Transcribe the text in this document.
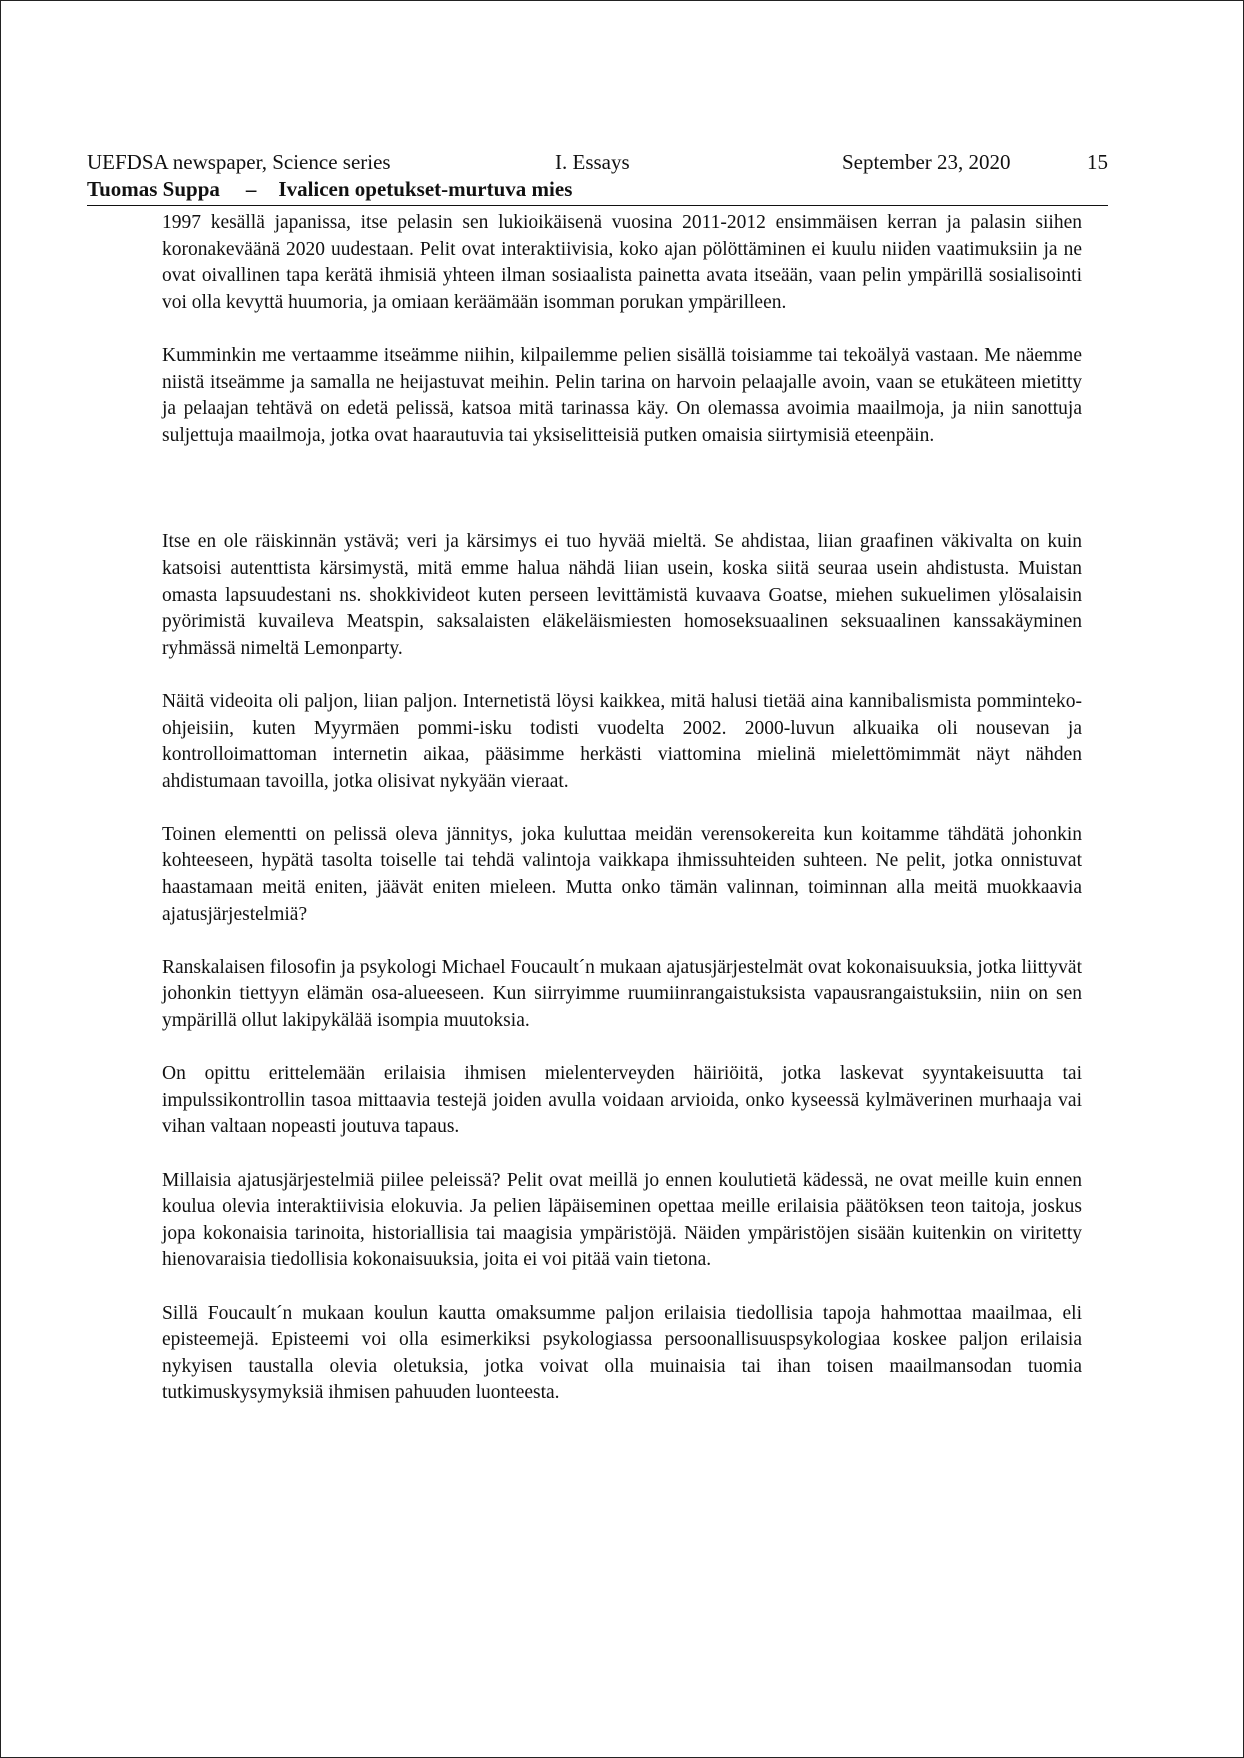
UEFDSA newspaper, Science series	I. Essays	September 23, 2020	15
Tuomas Suppa – Ivalicen opetukset-murtuva mies

1997 kesällä japanissa, itse pelasin sen lukioikäisenä vuosina 2011-2012 ensimmäisen kerran ja palasin siihen koronakeväänä 2020 uudestaan. Pelit ovat interaktiivisia, koko ajan pölöttäminen ei kuulu niiden vaatimuksiin ja ne ovat oivallinen tapa kerätä ihmisiä yhteen ilman sosiaalista painetta avata itseään, vaan pelin ympärillä sosialisointi voi olla kevyttä huumoria, ja omiaan keräämään isomman porukan ympärilleen.

Kumminkin me vertaamme itseämme niihin, kilpailemme pelien sisällä toisiamme tai tekoälyä vastaan. Me näemme niistä itseämme ja samalla ne heijastuvat meihin. Pelin tarina on harvoin pelaajalle avoin, vaan se etukäteen mietitty ja pelaajan tehtävä on edetä pelissä, katsoa mitä tarinassa käy. On olemassa avoimia maailmoja, ja niin sanottuja suljettuja maailmoja, jotka ovat haarautuvia tai yksiselitteisiä putken omaisia siirtymisiä eteenpäin.

Itse en ole räiskinnän ystävä; veri ja kärsimys ei tuo hyvää mieltä. Se ahdistaa, liian graafinen väkivalta on kuin katsoisi autenttista kärsimystä, mitä emme halua nähdä liian usein, koska siitä seuraa usein ahdistusta. Muistan omasta lapsuudestani ns. shokkivideot kuten perseen levittämistä kuvaava Goatse, miehen sukuelimen ylösalaisin pyörimistä kuvaileva Meatspin, saksalaisten eläkeläismiesten homoseksuaalinen seksuaalinen kanssakäyminen ryhmässä nimeltä Lemonparty.

Näitä videoita oli paljon, liian paljon. Internetistä löysi kaikkea, mitä halusi tietää aina kannibalismista pomminteko-ohjeisiin, kuten Myyrmäen pommi-isku todisti vuodelta 2002. 2000-luvun alkuaika oli nousevan ja kontrolloimattoman internetin aikaa, pääsimme herkästi viattomina mielinä mielettömimmät näyt nähden ahdistumaan tavoilla, jotka olisivat nykyään vieraat.

Toinen elementti on pelissä oleva jännitys, joka kuluttaa meidän verensokereita kun koitamme tähdätä johonkin kohteeseen, hypätä tasolta toiselle tai tehdä valintoja vaikkapa ihmissuhteiden suhteen. Ne pelit, jotka onnistuvat haastamaan meitä eniten, jäävät eniten mieleen. Mutta onko tämän valinnan, toiminnan alla meitä muokkaavia ajatusjärjestelmiä?

Ranskalaisen filosofin ja psykologi Michael Foucault´n mukaan ajatusjärjestelmät ovat kokonaisuuksia, jotka liittyvät johonkin tiettyyn elämän osa-alueeseen. Kun siirryimme ruumiinrangaistuksista vapausrangaistuksiin, niin on sen ympärillä ollut lakipykälää isompia muutoksia.

On opittu erittelemään erilaisia ihmisen mielenterveyden häiriöitä, jotka laskevat syyntakeisuutta tai impulssikontrollin tasoa mittaavia testejä joiden avulla voidaan arvioida, onko kyseessä kylmäverinen murhaaja vai vihan valtaan nopeasti joutuva tapaus.

Millaisia ajatusjärjestelmiä piilee peleissä? Pelit ovat meillä jo ennen koulutietä kädessä, ne ovat meille kuin ennen koulua olevia interaktiivisia elokuvia. Ja pelien läpäiseminen opettaa meille erilaisia päätöksen teon taitoja, joskus jopa kokonaisia tarinoita, historiallisia tai maagisia ympäristöjä. Näiden ympäristöjen sisään kuitenkin on viritetty hienovaraisia tiedollisia kokonaisuuksia, joita ei voi pitää vain tietona.

Sillä Foucault´n mukaan koulun kautta omaksumme paljon erilaisia tiedollisia tapoja hahmottaa maailmaa, eli episteemejä. Episteemi voi olla esimerkiksi psykologiassa persoonallisuuspsykologiaa koskee paljon erilaisia nykyisen taustalla olevia oletuksia, jotka voivat olla muinaisia tai ihan toisen maailmansodan tuomia tutkimuskysymyksiä ihmisen pahuuden luonteesta.
